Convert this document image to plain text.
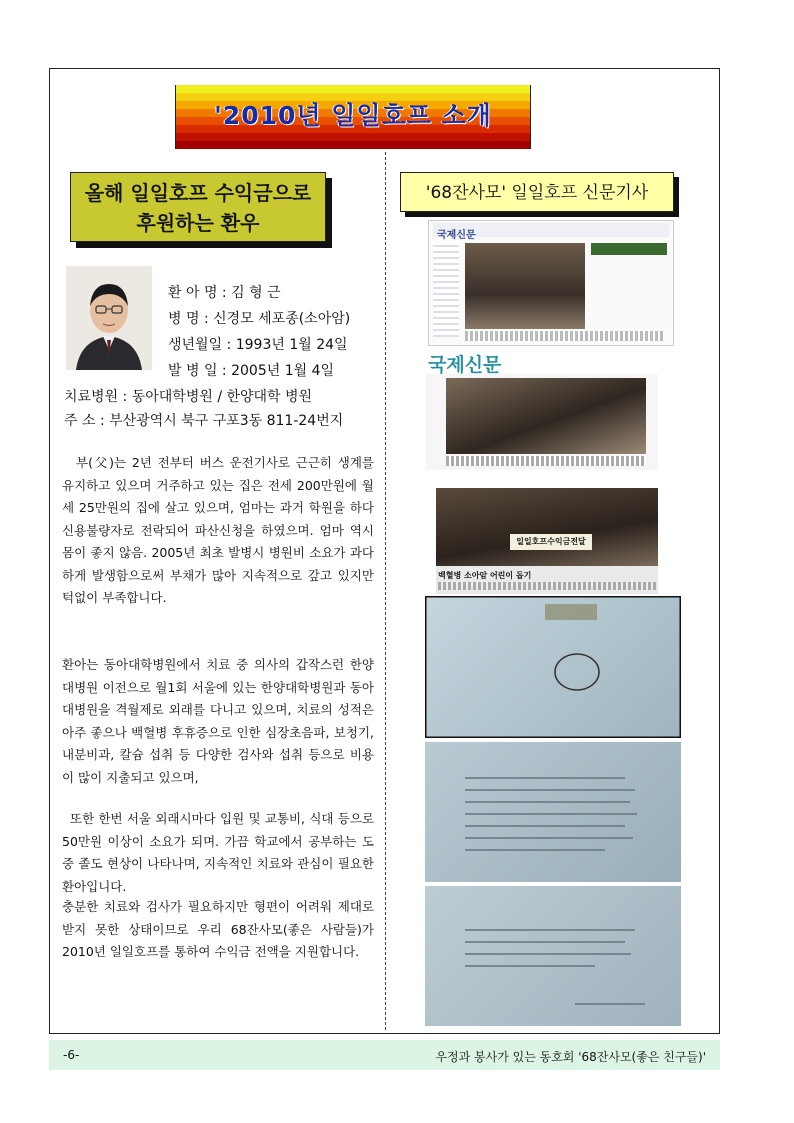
'2010년 일일호프 소개
올해 일일호프 수익금으로
후원하는 환우
'68잔사모' 일일호프 신문기사
환 아 명 : 김 형 근
병 명 : 신경모 세포종(소아암)
생년월일 : 1993년 1월 24일
발 병 일 : 2005년 1월 4일
치료병원 : 동아대학병원 / 한양대학 병원
주 소 : 부산광역시 북구 구포3동 811-24번지
부(父)는 2년 전부터 버스 운전기사로 근근히 생계를 유지하고 있으며 거주하고 있는 집은 전세 200만원에 월세 25만원의 집에 살고 있으며, 엄마는 과거 학원을 하다 신용불량자로 전락되어 파산신청을 하였으며. 엄마 역시 몸이 좋지 않음. 2005년 최초 발병시 병원비 소요가 과다하게 발생함으로써 부채가 많아 지속적으로 갚고 있지만 턱없이 부족합니다.
환아는 동아대학병원에서 치료 중 의사의 갑작스런 한양대병원 이전으로 월1회 서울에 있는 한양대학병원과 동아대병원을 격월제로 외래를 다니고 있으며, 치료의 성적은 아주 좋으나 백혈병 후휴증으로 인한 심장초음파, 보청기, 내분비과, 칼슘 섭취 등 다양한 검사와 섭취 등으로 비용이 많이 지출되고 있으며,
또한 한번 서울 외래시마다 입원 및 교통비, 식대 등으로 50만원 이상이 소요가 되며. 가끔 학교에서 공부하는 도중 졸도 현상이 나타나며, 지속적인 치료와 관심이 필요한 환아입니다.
충분한 치료와 검사가 필요하지만 형편이 어려워 제대로 받지 못한 상태이므로 우리 68잔사모(좋은 사람들)가 2010년 일일호프를 통하여 수익금 전액을 지원합니다.
국제신문
국제신문
일일호프수익금전달
백혈병 소아암 어린이 돕기
-6-	우정과 봉사가 있는 동호회 '68잔사모(좋은 친구들)'
